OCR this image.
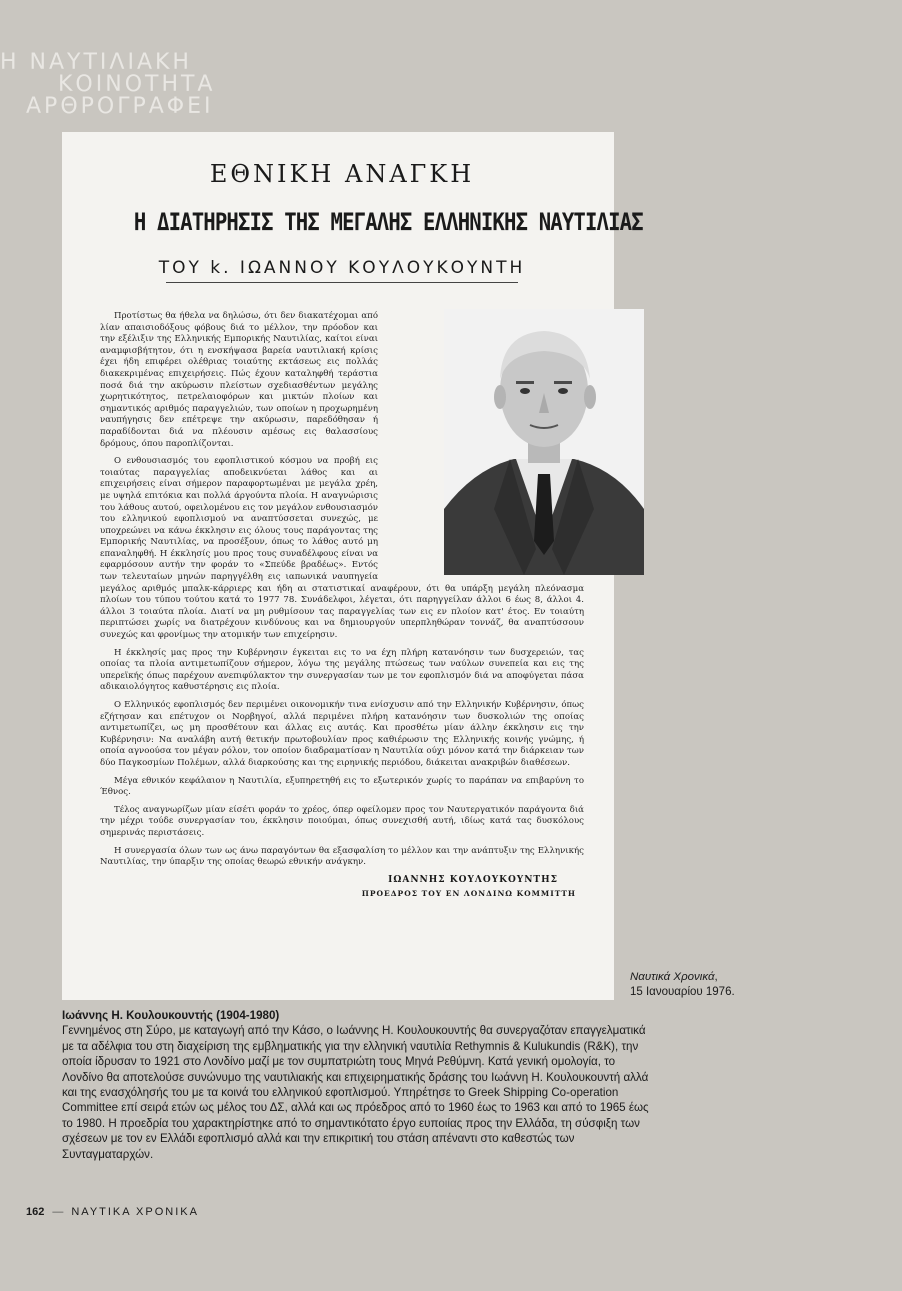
Η ΝΑΥΤΙΛΙΑΚΗ
ΚΟΙΝΟΤΗΤΑ
ΑΡΘΡΟΓΡΑΦΕΙ
ΕΘΝΙΚΗ ΑΝΑΓΚΗ
Η ΔΙΑΤΗΡΗΣΙΣ ΤΗΣ ΜΕΓΑΛΗΣ ΕΛΛΗΝΙΚΗΣ ΝΑΥΤΙΛΙΑΣ
ΤΟΥ k. ΙΩΑΝΝΟΥ ΚΟΥΛΟΥΚΟΥΝΤΗ

Προτίστως θα ήθελα να δηλώσω, ότι δεν διακατέχομαι από λίαν απαισιοδόξους φόβους διά το μέλλον, την πρόοδον και την εξέλιξιν της Ελληνικής Εμπορικής Ναυτιλίας, καίτοι είναι αναμφισβήτητον, ότι η ενσκήψασα βαρεία ναυτιλιακή κρίσις έχει ήδη επιφέρει ολέθριας τοιαύτης εκτάσεως εις πολλάς διακεκριμένας επιχειρήσεις. Πώς έχουν καταληφθή τεράστια ποσά διά την ακύρωσιν πλείστων σχεδιασθέντων μεγάλης χωρητικότητος, πετρελαιοφόρων και μικτών πλοίων και σημαντικός αριθμός παραγγελιών, των οποίων η προχωρημένη ναυπήγησις δεν επέτρεψε την ακύρωσιν, παρεδόθησαν ή παραδίδονται διά να πλέουσιν αμέσως εις θαλασσίους δρόμους, όπου παροπλίζονται.

Ο ενθουσιασμός του εφοπλιστικού κόσμου να προβή εις τοιαύτας παραγγελίας αποδεικνύεται λάθος και αι επιχειρήσεις είναι σήμερον παραφορτωμέναι με μεγάλα χρέη, με υψηλά επιτόκια και πολλά άργούντα πλοία. Η αναγνώρισις του λάθους αυτού, οφειλομένου εις τον μεγάλον ενθουσιασμόν του ελληνικού εφοπλισμού να αναπτύσσεται συνεχώς, με υποχρεώνει να κάνω έκκλησιν εις όλους τους παράγοντας της Εμπορικής Ναυτιλίας, να προσέξουν, όπως το λάθος αυτό μη επαναληφθή. Η έκκλησίς μου προς τους συναδέλφους είναι να εφαρμόσουν αυτήν την φοράν το «Σπεύδε βραδέως». Εντός των τελευταίων μηνών παρηγγέλθη εις ιαπωνικά ναυπηγεία μεγάλος αριθμός μπαλκ-κάρριερς και ήδη αι στατιστικαί αναφέρουν, ότι θα υπάρξη μεγάλη πλεόνασμα πλοίων του τύπου τούτου κατά το 1977 78. Συνάδελφοι, λέγεται, ότι παρηγγείλαν άλλοι 6 έως 8, άλλοι 4. άλλοι 3 τοιαύτα πλοία. Διατί να μη ρυθμίσουν τας παραγγελίας των εις εν πλοίον κατ' έτος. Εν τοιαύτη περιπτώσει χωρίς να διατρέχουν κινδύνους και να δημιουργούν υπερπληθώραν τοννάζ, θα αναπτύσσουν συνεχώς και φρονίμως την ατομικήν των επιχείρησιν.

Η έκκλησίς μας προς την Κυβέρνησιν έγκειται εις το να έχη πλήρη κατανόησιν των δυσχερειών, τας οποίας τα πλοία αντιμετωπίζουν σήμερον, λόγω της μεγάλης πτώσεως των ναύλων συνεπεία και εις της υπερεϊκής όπως παρέχουν ανεπιφύλακτον την συνεργασίαν των με τον εφοπλισμόν διά να αποφύγεται πάσα αδικαιολόγητος καθυστέρησις εις πλοία.

Ο Ελληνικός εφοπλισμός δεν περιμένει οικονομικήν τινα ενίσχυσιν από την Ελληνικήν Κυβέρνησιν, όπως εζήτησαν και επέτυχον οι Νορβηγοί, αλλά περιμένει πλήρη κατανόησιν των δυσκολιών της οποίας αντιμετωπίζει, ως μη προσθέτουν και άλλας εις αυτάς. Και προσθέτω μίαν άλλην έκκλησιν εις την Κυβέρνησιν: Να αναλάβη αυτή θετικήν πρωτοβουλίαν προς καθιέρωσιν της Ελληνικής κοινής γνώμης, ή οποία αγνοούσα τον μέγαν ρόλον, τον οποίον διαδραματίσαν η Ναυτιλία ούχι μόνον κατά την διάρκειαν των δύο Παγκοσμίων Πολέμων, αλλά διαρκούσης και της ειρηνικής περιόδου, διάκειται ανακριβών διαθέσεων.

Μέγα εθνικόν κεφάλαιον η Ναυτιλία, εξυπηρετηθή εις το εξωτερικόν χωρίς το παράπαν να επιβαρύνη το Έθνος.

Τέλος αναγνωρίζων μίαν είσέτι φοράν το χρέος, όπερ οφείλομεν προς τον Ναυτεργατικόν παράγοντα διά την μέχρι τούδε συνεργασίαν του, έκκλησιν ποιούμαι, όπως συνεχισθή αυτή, ιδίως κατά τας δυσκόλους σημερινάς περιστάσεις.

Η συνεργασία όλων των ως άνω παραγόντων θα εξασφαλίση το μέλλον και την ανάπτυξιν της Ελληνικής Ναυτιλίας, την ύπαρξιν της οποίας θεωρώ εθνικήν ανάγκην.

ΙΩΑΝΝΗΣ ΚΟΥΛΟΥΚΟΥΝΤΗΣ
ΠΡΟΕΔΡΟΣ ΤΟΥ ΕΝ ΛΟΝΔΙΝΩ ΚΟΜΜΙΤΤΗ
Ναυτικά Χρονικά,
15 Ιανουαρίου 1976.
Ιωάννης Η. Κουλουκουντής (1904-1980)

Γεννημένος στη Σύρο, με καταγωγή από την Κάσο, ο Ιωάννης Η. Κουλουκουντής θα συνεργαζόταν επαγγελματικά με τα αδέλφια του στη διαχείριση της εμβληματικής για την ελληνική ναυτιλία Rethymnis & Kulukundis (R&K), την οποία ίδρυσαν το 1921 στο Λονδίνο μαζί με τον συμπατριώτη τους Μηνά Ρεθύμνη. Κατά γενική ομολογία, το Λονδίνο θα αποτελούσε συνώνυμο της ναυτιλιακής και επιχειρηματικής δράσης του Ιωάννη Η. Κουλουκουντή αλλά και της ενασχόλησής του με τα κοινά του ελληνικού εφοπλισμού. Υπηρέτησε το Greek Shipping Co-operation Committee επί σειρά ετών ως μέλος του ΔΣ, αλλά και ως πρόεδρος από το 1960 έως το 1963 και από το 1965 έως το 1980. Η προεδρία του χαρακτηρίστηκε από το σημαντικότατο έργο ευποιίας προς την Ελλάδα, τη σύσφιξη των σχέσεων με τον εν Ελλάδι εφοπλισμό αλλά και την επικριτική του στάση απέναντι στο καθεστώς των Συνταγματαρχών.

162 — ΝΑΥΤΙΚΑ ΧΡΟΝΙΚΑ
